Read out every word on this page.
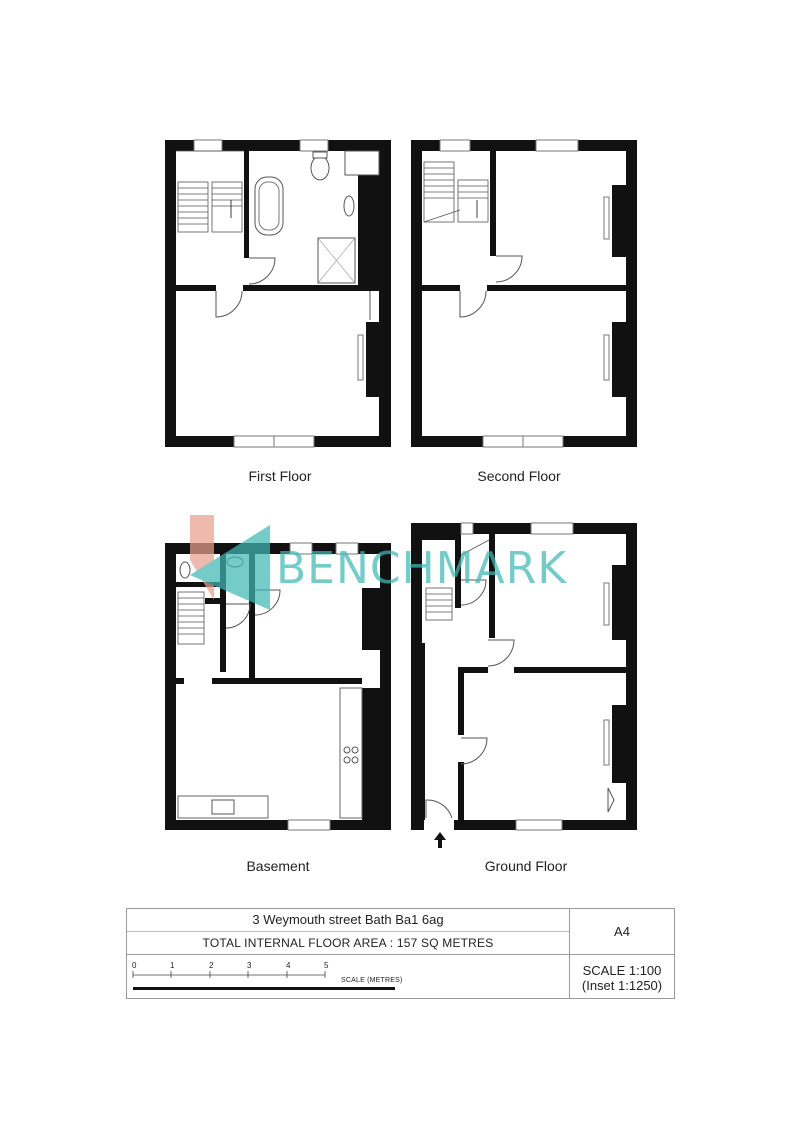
BENCHMARK
First Floor	Second Floor
Basement	Ground Floor
3 Weymouth street Bath Ba1 6ag
TOTAL INTERNAL FLOOR AREA : 157 SQ METRES
0	1	2	3	4	5
SCALE (METRES)
A4
SCALE 1:100
(Inset 1:1250)
